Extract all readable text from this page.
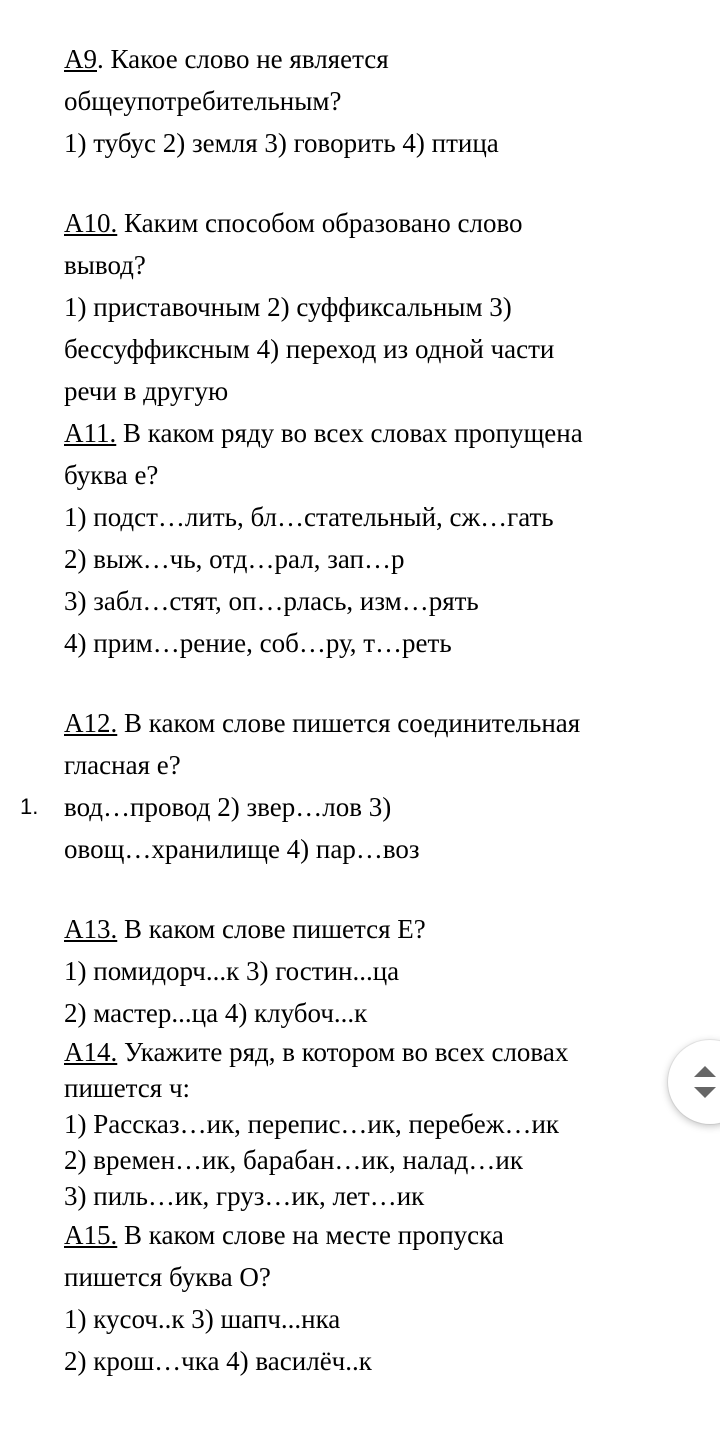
A9. Какое слово не является
общеупотребительным?
1) тубус 2) земля 3) говорить 4) птица
А10. Каким способом образовано слово
вывод?
1) приставочным 2) суффиксальным 3)
бессуффиксным 4) переход из одной части
речи в другую
А11. В каком ряду во всех словах пропущена
буква е?
1) подст…лить, бл…стательный, сж…гать
2) выж…чь, отд…рал, зап…р
3) забл…стят, оп…рлась, изм…рять
4) прим…рение, соб…ру, т…реть
А12. В каком слове пишется соединительная
гласная е?
1. вод…провод 2) звер…лов 3)
овощ…хранилище 4) пар…воз
А13. В каком слове пишется Е?
1) помидорч...к 3) гостин...ца
2) мастер...ца 4) клубоч...к
А14. Укажите ряд, в котором во всех словах
пишется ч:
1) Рассказ…ик, перепис…ик, перебеж…ик
2) времен…ик, барабан…ик, налад…ик
3) пиль…ик, груз…ик, лет…ик
А15. В каком слове на месте пропуска
пишется буква О?
1) кусоч..к 3) шапч...нка
2) крош…чка 4) василёч..к
